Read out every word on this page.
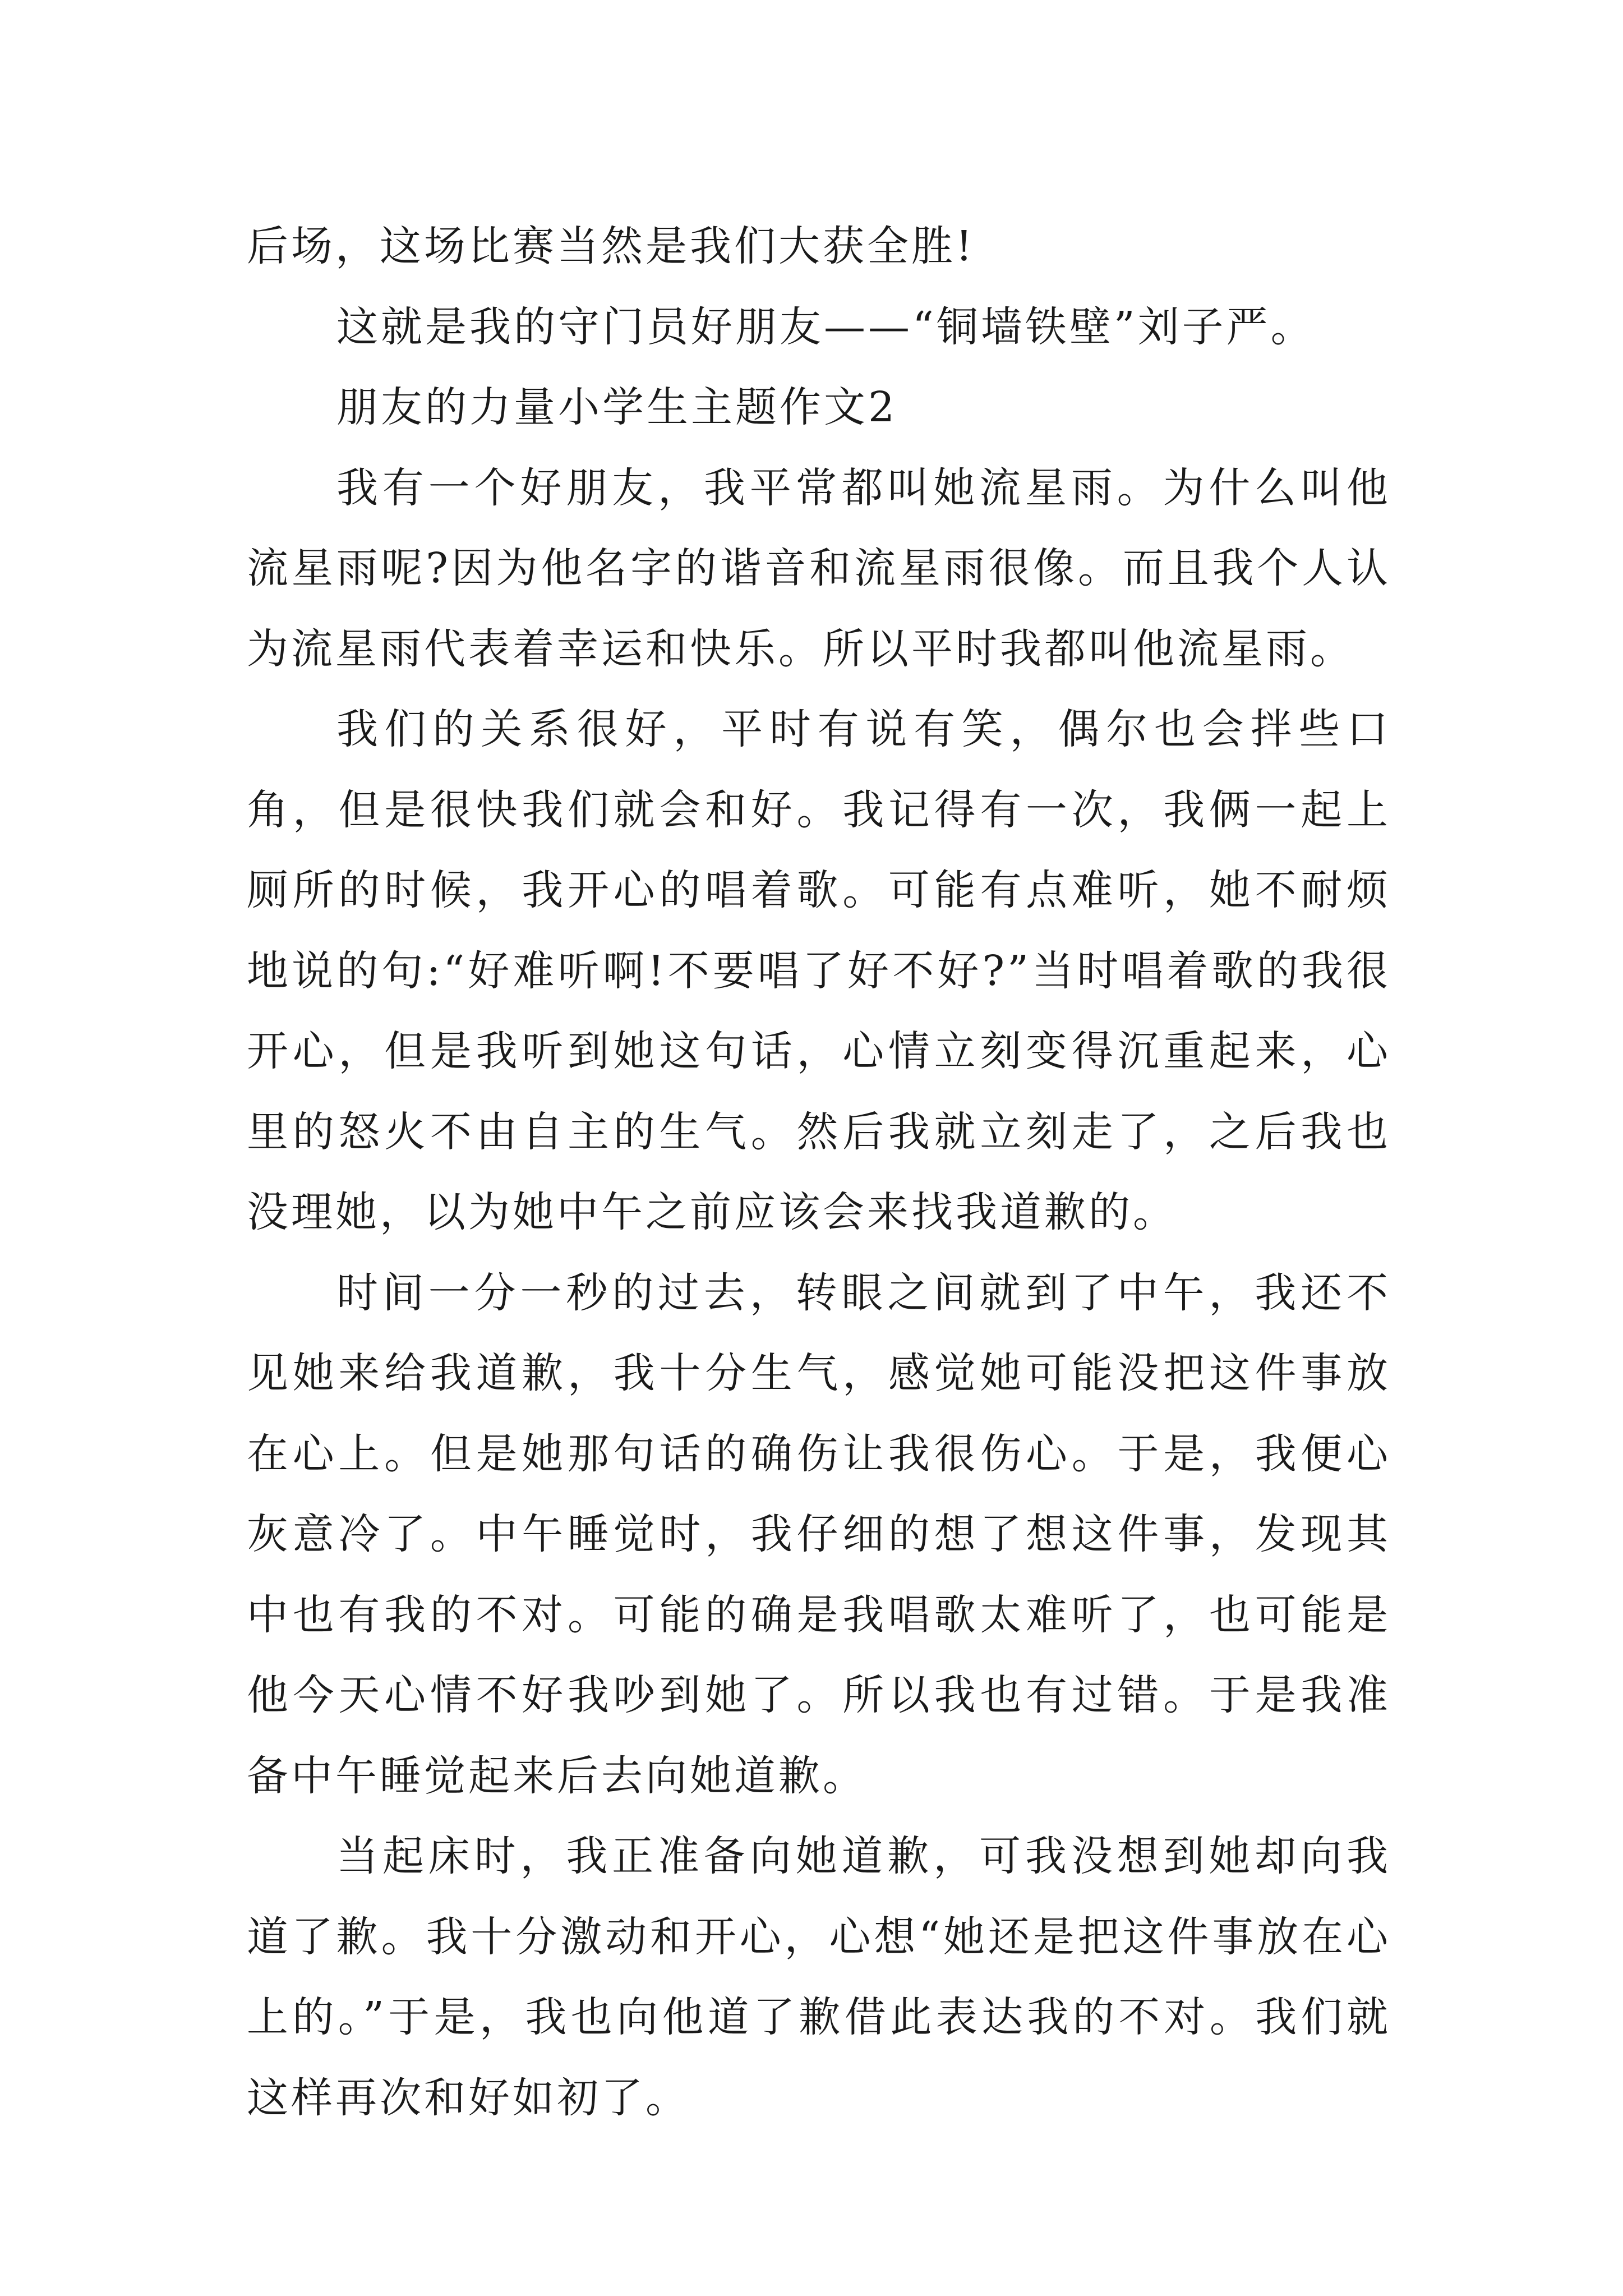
后场，这场比赛当然是我们大获全胜!

这就是我的守门员好朋友——“铜墙铁壁”刘子严。

朋友的力量小学生主题作文2

我有一个好朋友，我平常都叫她流星雨。为什么叫他流星雨呢?因为他名字的谐音和流星雨很像。而且我个人认为流星雨代表着幸运和快乐。所以平时我都叫他流星雨。

我们的关系很好，平时有说有笑，偶尔也会拌些口角，但是很快我们就会和好。我记得有一次，我俩一起上厕所的时候，我开心的唱着歌。可能有点难听，她不耐烦地说的句:“好难听啊!不要唱了好不好?”当时唱着歌的我很开心，但是我听到她这句话，心情立刻变得沉重起来，心里的怒火不由自主的生气。然后我就立刻走了，之后我也没理她，以为她中午之前应该会来找我道歉的。

时间一分一秒的过去，转眼之间就到了中午，我还不见她来给我道歉，我十分生气，感觉她可能没把这件事放在心上。但是她那句话的确伤让我很伤心。于是，我便心灰意冷了。中午睡觉时，我仔细的想了想这件事，发现其中也有我的不对。可能的确是我唱歌太难听了，也可能是他今天心情不好我吵到她了。所以我也有过错。于是我准备中午睡觉起来后去向她道歉。

当起床时，我正准备向她道歉，可我没想到她却向我道了歉。我十分激动和开心，心想“她还是把这件事放在心上的。”于是，我也向他道了歉借此表达我的不对。我们就这样再次和好如初了。
